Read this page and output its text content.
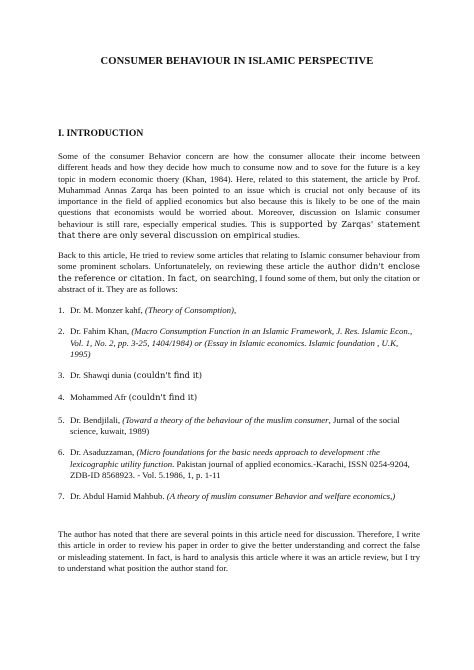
CONSUMER BEHAVIOUR IN ISLAMIC PERSPECTIVE
I. INTRODUCTION

Some of the consumer Behavior concern are how the consumer allocate their income between different heads and how they decide how much to consume now and to sove for the future is a key topic in modern economic thoery (Khan, 1984). Here, related to this statement, the article by Prof. Muhammad Annas Zarqa has been pointed to an issue which is crucial not only because of its importance in the field of applied economics but also because this is likely to be one of the main questions that economists would be worried about. Moreover, discussion on Islamic consumer behaviour is still rare, especially emperical studies. This is supported by Zarqas' statement that there are only several discussion on empirical studies.

Back to this article, He tried to review some articles that relating to Islamic consumer behaviour from some prominent scholars. Unfortunatelely, on reviewing these article the author didn't enclose the reference or citation. In fact, on searching, I found some of them, but only the citation or abstract of it. They are as follows:

1. Dr. M. Monzer kahf, (Theory of Consomption),
2. Dr. Fahim Khan, (Macro Consumption Function in an Islamic Framework, J. Res. Islamic Econ., Vol. 1, No. 2, pp. 3-25, 1404/1984) or (Essay in Islamic economics. Islamic foundation , U.K, 1995)
3. Dr. Shawqi dunia (couldn't find it)
4. Mohammed Afr (couldn't find it)
5. Dr. Bendjilali, (Toward a theory of the behaviour of the muslim consumer, Jurnal of the social science, kuwait, 1989)
6. Dr. Asaduzzaman, (Micro foundations for the basic needs approach to development :the lexicographic utility function. Pakistan journal of applied economics.-Karachi, ISSN 0254-9204, ZDB-ID 8568923. - Vol. 5.1986, 1, p. 1-11
7. Dr. Abdul Hamid Mahbub. (A theory of muslim consumer Behavior and welfare economics,)

The author has noted that there are several points in this article need for discussion. Therefore, I write this article in order to review his paper in order to give the better understanding and correct the false or misleading statement. In fact, is hard to analysis this article where it was an article review, but I try to understand what position the author stand for.
